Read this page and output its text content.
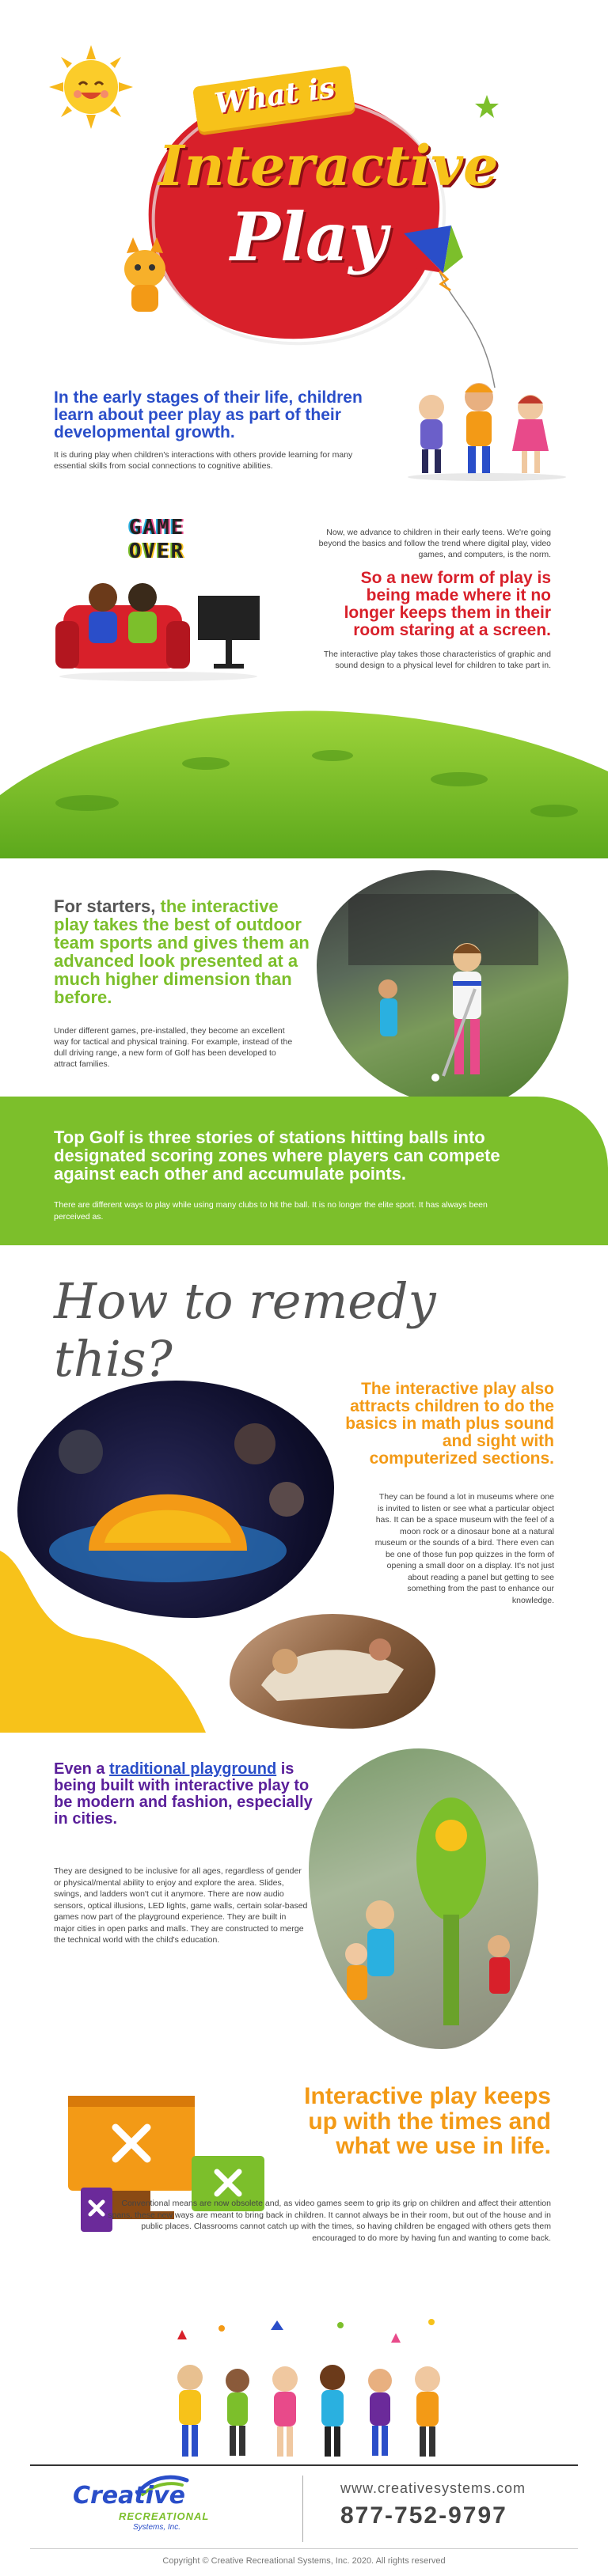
What is
Interactive
Play
In the early stages of their life, children learn about peer play as part of their developmental growth.
It is during play when children's interactions with others provide learning for many essential skills from social connections to cognitive abilities.
GAME
OVER
Now, we advance to children in their early teens. We're going beyond the basics and follow the trend where digital play, video games, and computers, is the norm.
So a new form of play is being made where it no longer keeps them in their room staring at a screen.
The interactive play takes those characteristics of graphic and sound design to a physical level for children to take part in.
For starters, the interactive play takes the best of outdoor team sports and gives them an advanced look presented at a much higher dimension than before.
Under different games, pre-installed, they become an excellent way for tactical and physical training. For example, instead of the dull driving range, a new form of Golf has been developed to attract families.
Top Golf is three stories of stations hitting balls into designated scoring zones where players can compete against each other and accumulate points.
There are different ways to play while using many clubs to hit the ball. It is no longer the elite sport. It has always been perceived as.
How to remedy this?
The interactive play also attracts children to do the basics in math plus sound and sight with computerized sections.
They can be found a lot in museums where one is invited to listen or see what a particular object has. It can be a space museum with the feel of a moon rock or a dinosaur bone at a natural museum or the sounds of a bird. There even can be one of those fun pop quizzes in the form of opening a small door on a display. It's not just about reading a panel but getting to see something from the past to enhance our knowledge.
Even a traditional playground is being built with interactive play to be modern and fashion, especially in cities.
They are designed to be inclusive for all ages, regardless of gender or physical/mental ability to enjoy and explore the area. Slides, swings, and ladders won't cut it anymore. There are now audio sensors, optical illusions, LED lights, game walls, certain solar-based games now part of the playground experience. They are built in major cities in open parks and malls. They are constructed to merge the technical world with the child's education.
Interactive play keeps up with the times and what we use in life.
Conventional means are now obsolete and, as video games seem to grip its grip on children and affect their attention spans, these new ways are meant to bring back in children. It cannot always be in their room, but out of the house and in public places. Classrooms cannot catch up with the times, so having children be engaged with others gets them encouraged to do more by having fun and wanting to come back.
Creative
RECREATIONAL
Systems, Inc.
www.creativesystems.com
877-752-9797
Copyright © Creative Recreational Systems, Inc. 2020. All rights reserved
